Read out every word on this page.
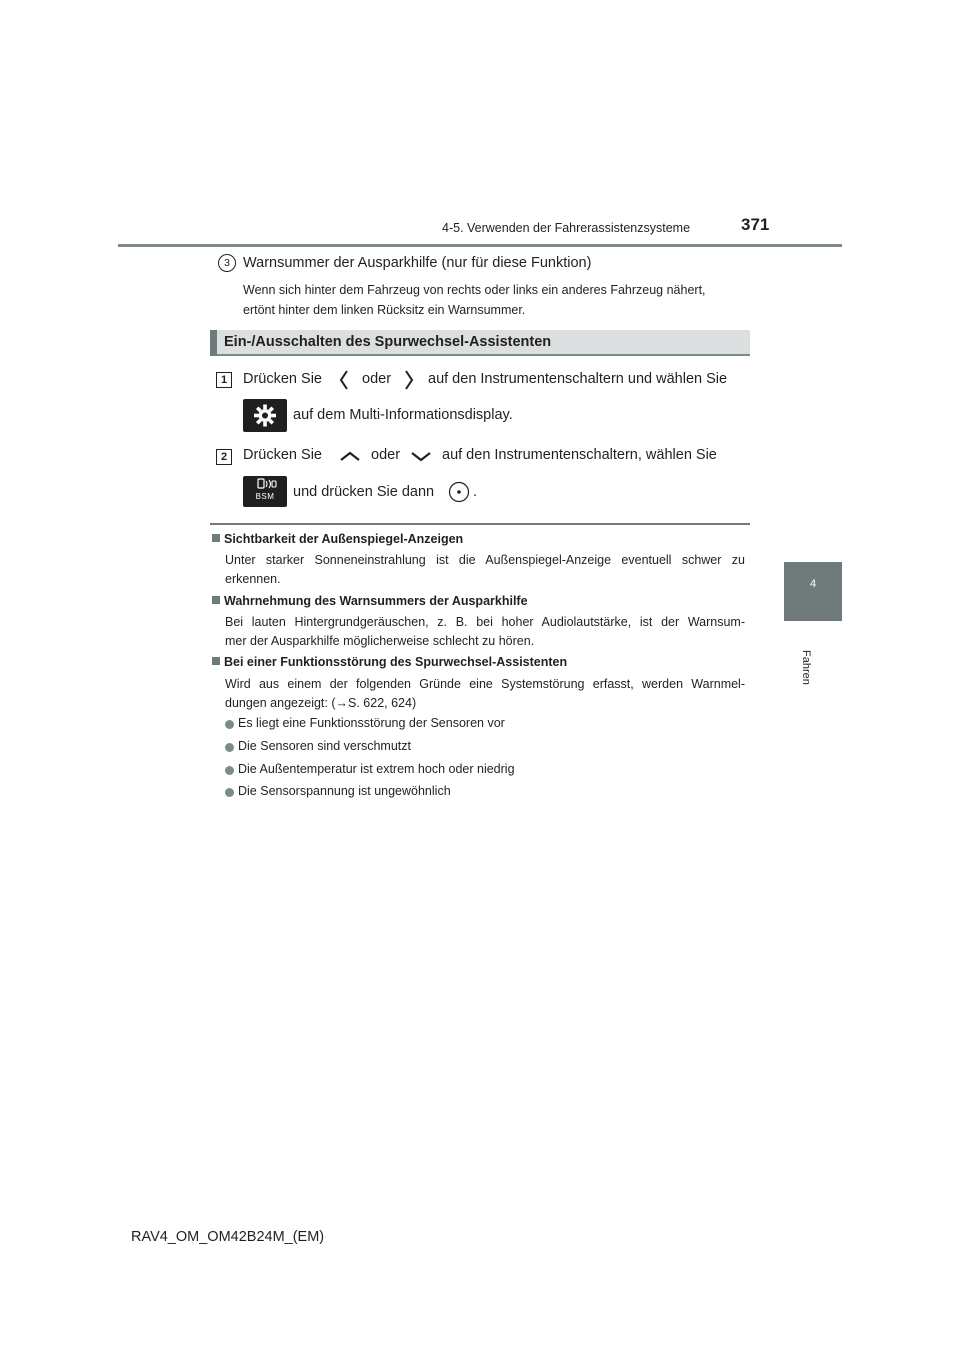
4-5. Verwenden der Fahrerassistenzsysteme	371
4
Fahren
3 Warnsummer der Ausparkhilfe (nur für diese Funktion)
Wenn sich hinter dem Fahrzeug von rechts oder links ein anderes Fahrzeug nähert,
ertönt hinter dem linken Rücksitz ein Warnsummer.
Ein-/Ausschalten des Spurwechsel-Assistenten
1	Drücken Sie	oder	auf den Instrumentenschaltern und wählen Sie
auf dem Multi-Informationsdisplay.
2	Drücken Sie	oder	auf den Instrumentenschaltern, wählen Sie
BSM	und drücken Sie dann	.
Sichtbarkeit der Außenspiegel-Anzeigen
Unter starker Sonneneinstrahlung ist die Außenspiegel-Anzeige eventuell schwer zu
erkennen.
Wahrnehmung des Warnsummers der Ausparkhilfe
Bei lauten Hintergrundgeräuschen, z. B. bei hoher Audiolautstärke, ist der Warnsum-
mer der Ausparkhilfe möglicherweise schlecht zu hören.
Bei einer Funktionsstörung des Spurwechsel-Assistenten
Wird aus einem der folgenden Gründe eine Systemstörung erfasst, werden Warnmel-
dungen angezeigt: (→S. 622, 624)
Es liegt eine Funktionsstörung der Sensoren vor
Die Sensoren sind verschmutzt
Die Außentemperatur ist extrem hoch oder niedrig
Die Sensorspannung ist ungewöhnlich
RAV4_OM_OM42B24M_(EM)
